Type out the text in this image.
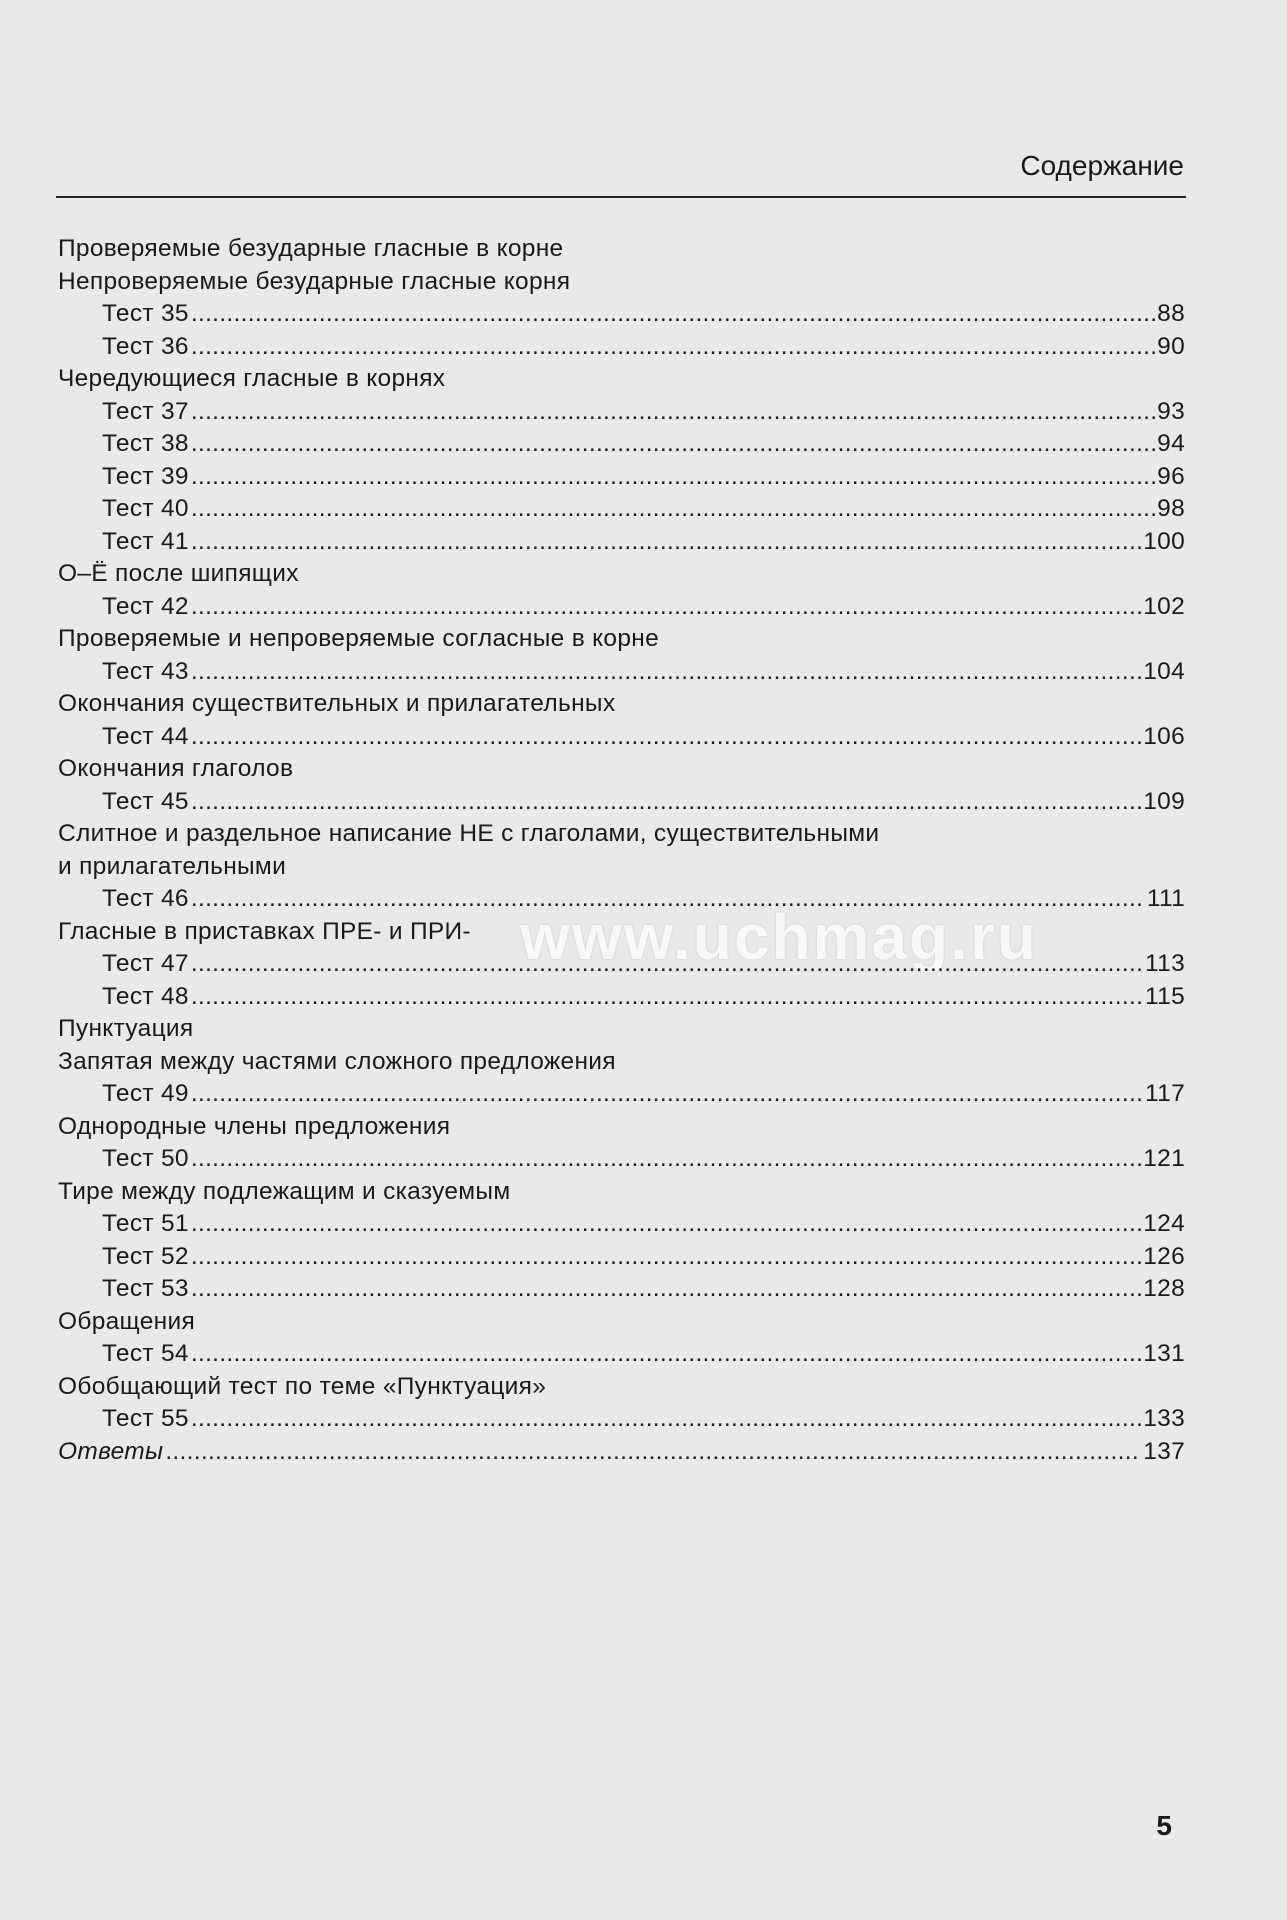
www.uchmag.ru
Содержание
Проверяемые безударные гласные в корне
Непроверяемые безударные гласные корня
Тест 35 .....	88
Тест 36 .....	90
Чередующиеся гласные в корнях
Тест 37 .....	93
Тест 38 .....	94
Тест 39 .....	96
Тест 40 .....	98
Тест 41 .....	100
О–Ё после шипящих
Тест 42 .....	102
Проверяемые и непроверяемые согласные в корне
Тест 43 .....	104
Окончания существительных и прилагательных
Тест 44 .....	106
Окончания глаголов
Тест 45 .....	109
Слитное и раздельное написание НЕ с глаголами, существительными
и прилагательными
Тест 46 .....	111
Гласные в приставках ПРЕ- и ПРИ-
Тест 47 .....	113
Тест 48 .....	115
Пунктуация
Запятая между частями сложного предложения
Тест 49 .....	117
Однородные члены предложения
Тест 50 .....	121
Тире между подлежащим и сказуемым
Тест 51 .....	124
Тест 52 .....	126
Тест 53 .....	128
Обращения
Тест 54 .....	131
Обобщающий тест по теме «Пунктуация»
Тест 55 .....	133
Ответы .....	137
5
